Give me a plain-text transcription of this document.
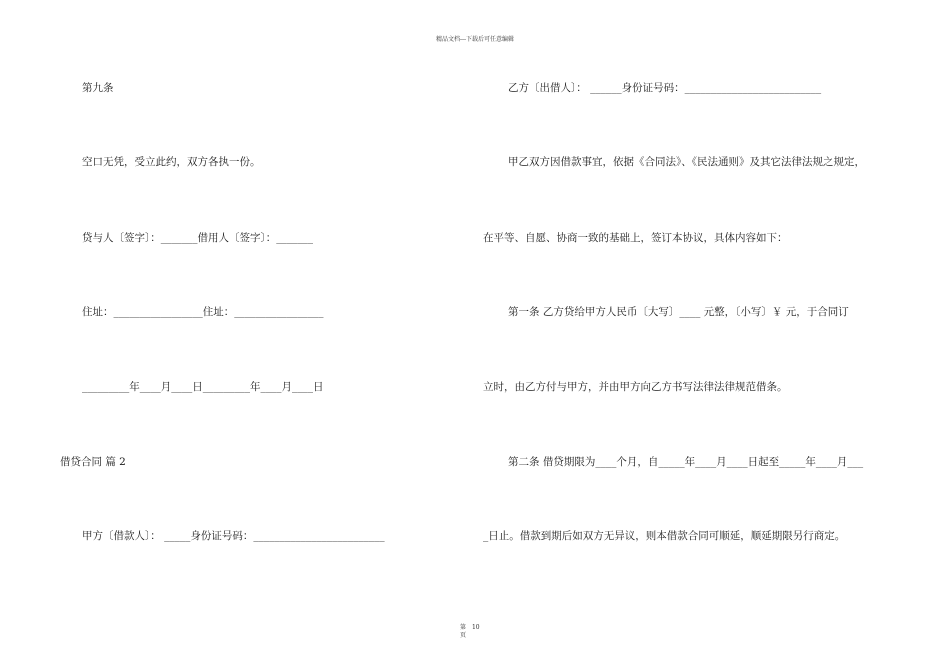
精品文档---下载后可任意编辑
第九条
空口无凭，受立此约，双方各执一份。
贷与人〔签字〕：_______借用人〔签字〕：_______
住址：_________________住址：_________________
_________年____月____日_________年____月____日
借贷合同 篇 2
甲方〔借款人〕： _____身份证号码：_________________________
乙方〔出借人〕： ______身份证号码：__________________________
甲乙双方因借款事宜，依据《合同法》、《民法通则》及其它法律法规之规定，
在平等、自愿、协商一致的基础上，签订本协议，具体内容如下：
第一条 乙方贷给甲方人民币〔大写〕____ 元整，〔小写〕￥ 元，于合同订
立时，由乙方付与甲方，并由甲方向乙方书写法律法律规范借条。
第二条 借贷期限为____个月，自_____年____月____日起至_____年____月___
_日止。借款到期后如双方无异议，则本借款合同可顺延，顺延期限另行商定。
第 10
页
